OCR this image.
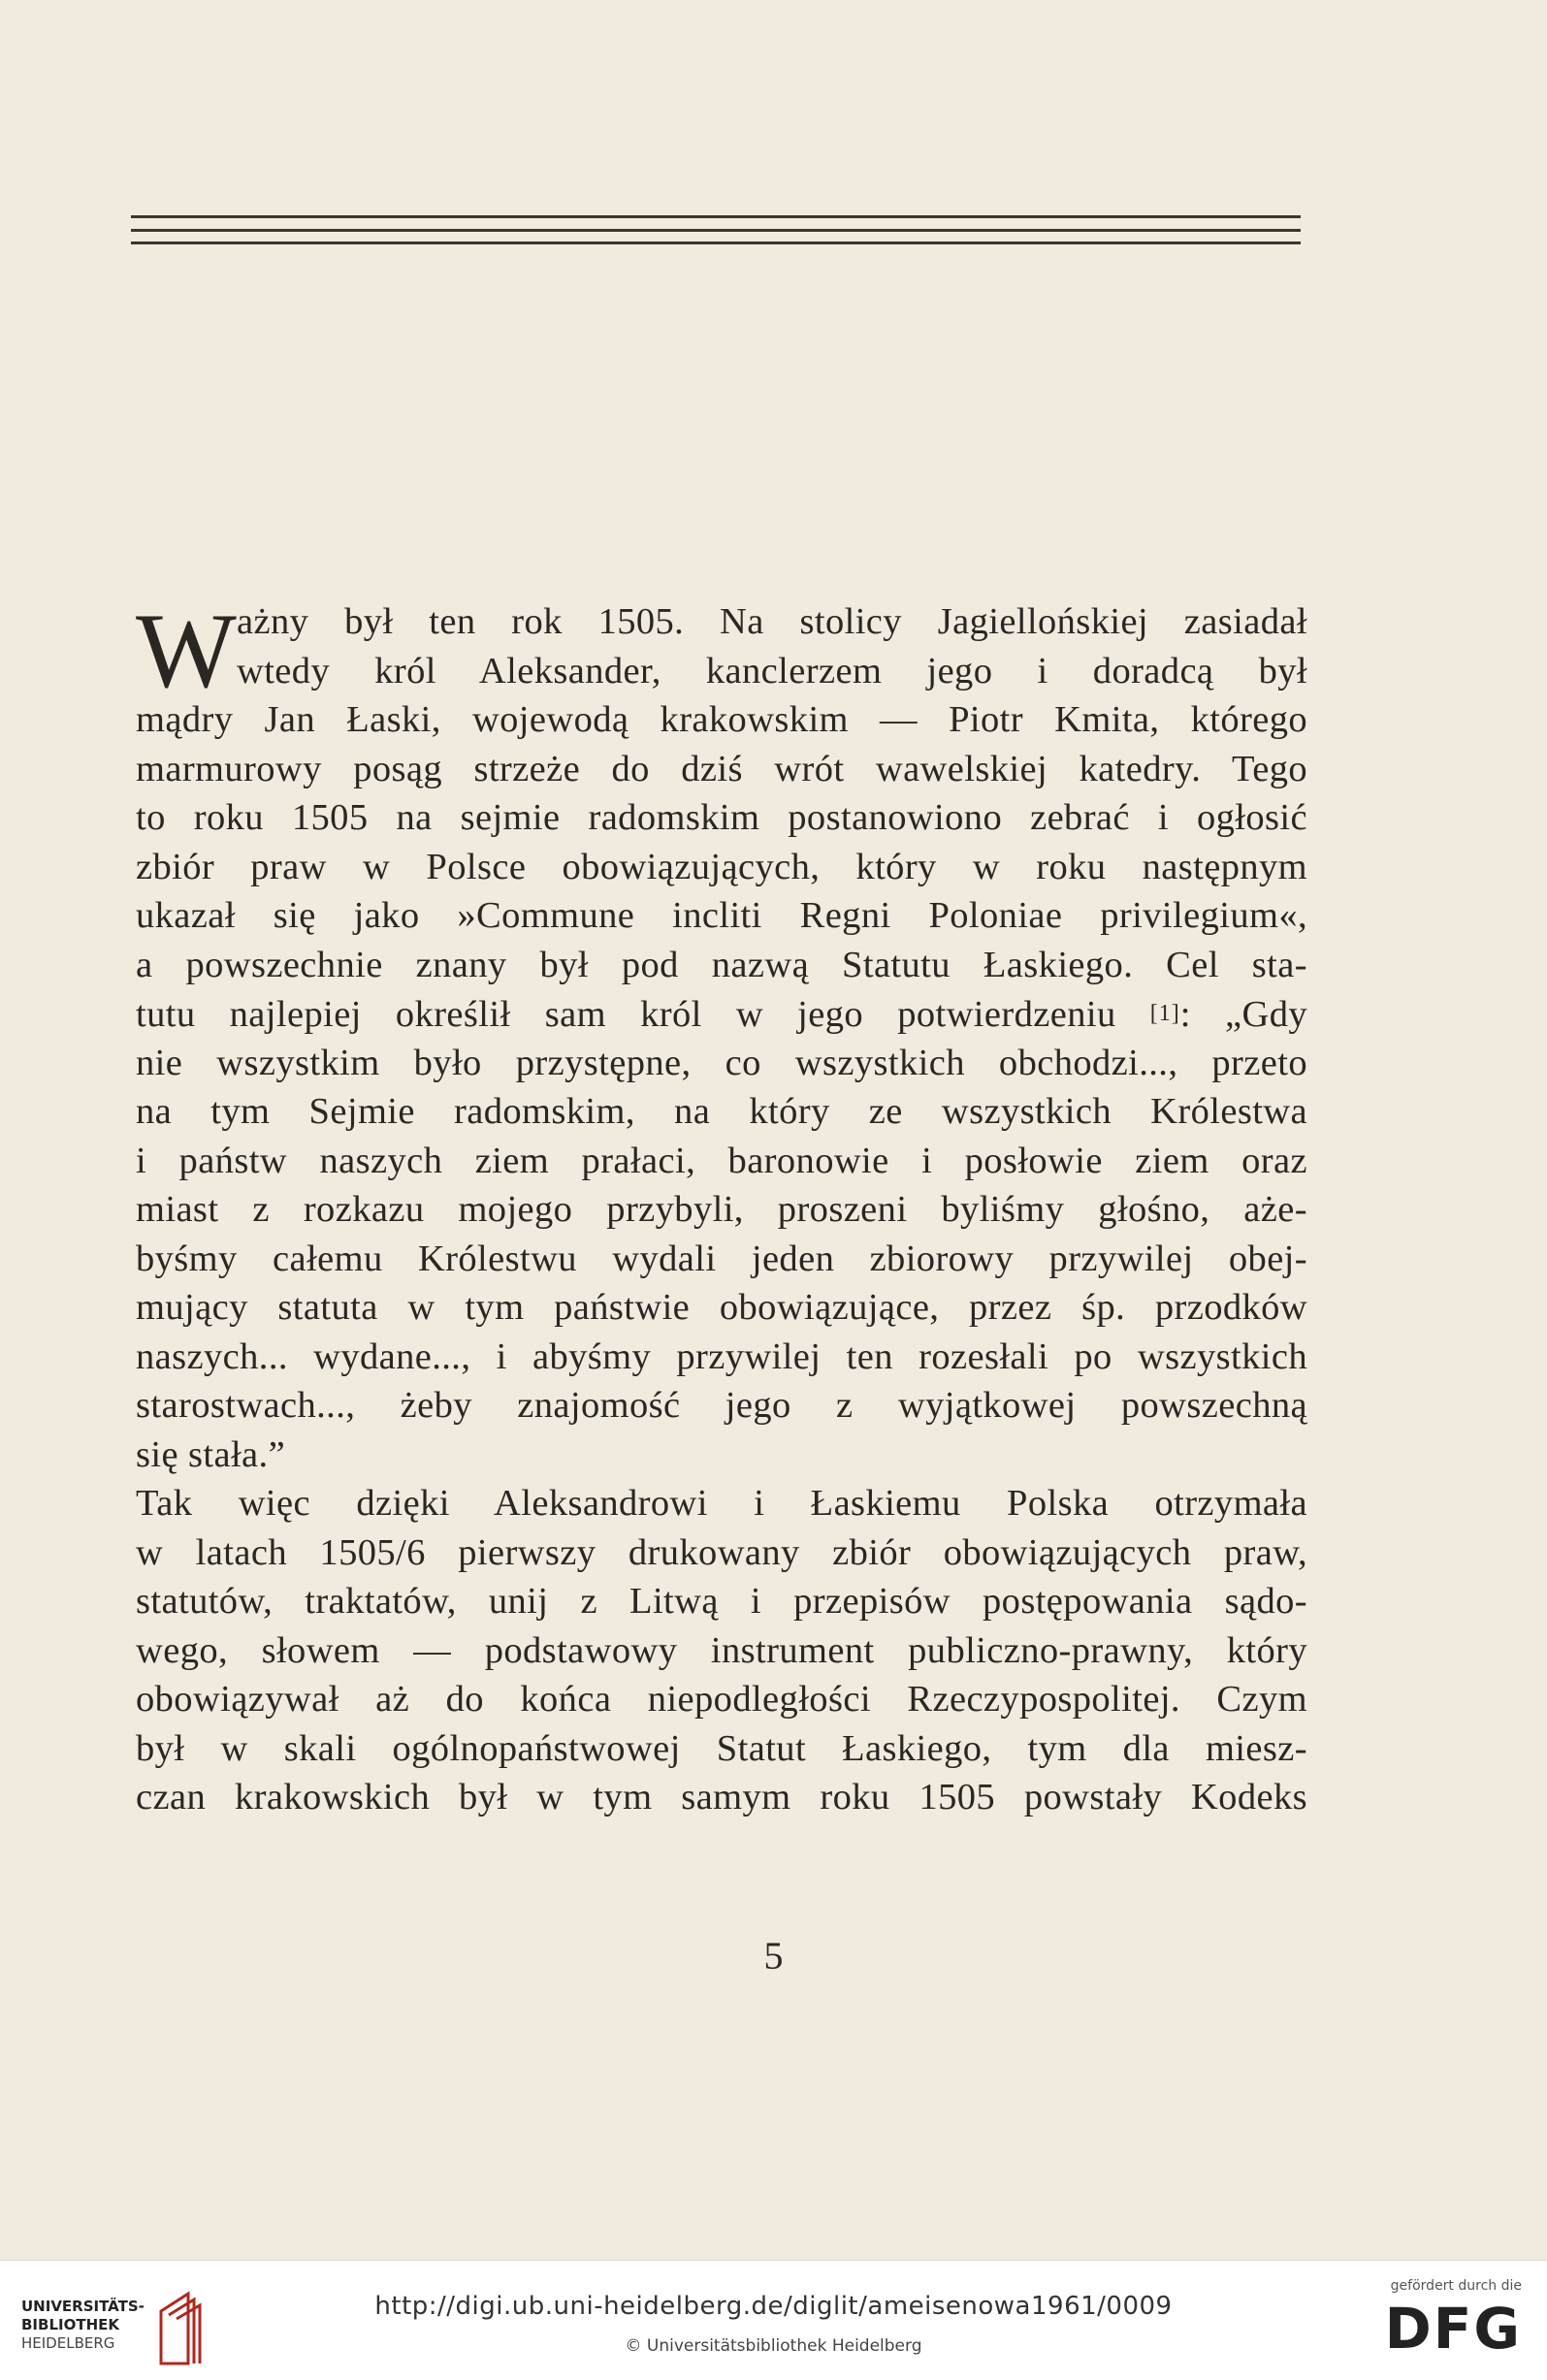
W ażny był ten rok 1505. Na stolicy Jagiellońskiej zasiadał
wtedy król Aleksander, kanclerzem jego i doradcą był
mądry Jan Łaski, wojewodą krakowskim — Piotr Kmita, którego
marmurowy posąg strzeże do dziś wrót wawelskiej katedry. Tego
to roku 1505 na sejmie radomskim postanowiono zebrać i ogłosić
zbiór praw w Polsce obowiązujących, który w roku następnym
ukazał się jako »Commune incliti Regni Poloniae privilegium«,
a powszechnie znany był pod nazwą Statutu Łaskiego. Cel sta-
tutu najlepiej określił sam król w jego potwierdzeniu [1]: „Gdy
nie wszystkim było przystępne, co wszystkich obchodzi..., przeto
na tym Sejmie radomskim, na który ze wszystkich Królestwa
i państw naszych ziem prałaci, baronowie i posłowie ziem oraz
miast z rozkazu mojego przybyli, proszeni byliśmy głośno, aże-
byśmy całemu Królestwu wydali jeden zbiorowy przywilej obej-
mujący statuta w tym państwie obowiązujące, przez śp. przodków
naszych... wydane..., i abyśmy przywilej ten rozesłali po wszystkich
starostwach..., żeby znajomość jego z wyjątkowej powszechną
się stała.”
Tak więc dzięki Aleksandrowi i Łaskiemu Polska otrzymała
w latach 1505/6 pierwszy drukowany zbiór obowiązujących praw,
statutów, traktatów, unij z Litwą i przepisów postępowania sądo-
wego, słowem — podstawowy instrument publiczno-prawny, który
obowiązywał aż do końca niepodległości Rzeczypospolitej. Czym
był w skali ogólnopaństwowej Statut Łaskiego, tym dla miesz-
czan krakowskich był w tym samym roku 1505 powstały Kodeks
5
UNIVERSITÄTS-
BIBLIOTHEK
HEIDELBERG
http://digi.ub.uni-heidelberg.de/diglit/ameisenowa1961/0009
© Universitätsbibliothek Heidelberg
gefördert durch die
DFG
